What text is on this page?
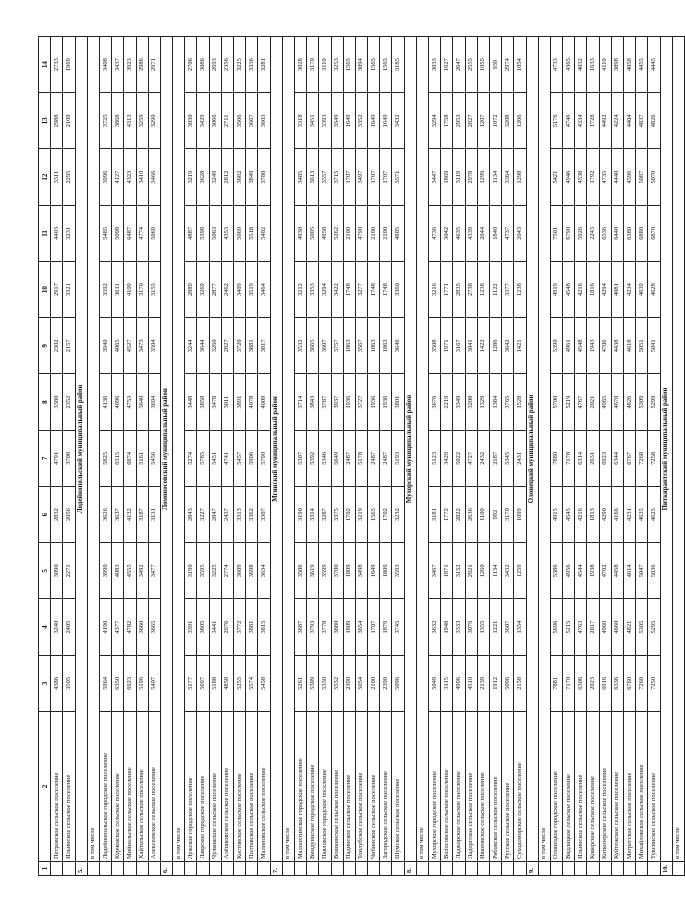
1	2	3	4	5	6	7	8	9	10	11	12	13	14
	Петровское сельское поселение	4386	3240	3090	2832	4791	3380	2302	2917	4403	3311	2988	2733
	Ильинское сельское поселение	3505	2405	2271	2056	3708	2352	2157	3321	3231	2295	2109	1969
5.	Лодейнопольский муниципальный район												
	в том числе												
	Лодейнопольское городское поселение	5964	4190	3990	3626	5825	4136	3940	3592	5485	3996	3725	3408
	Курчевское сельское поселение	6350	4377	4083	3637	6315	4096	4065	3611	5098	4127	3868	3437
	Мийнальское сельское поселение	6923	4782	4555	4132	6874	4753	4527	4109	6487	4323	4313	3923
	Хайтольское сельское поселение	5196	3660	3492	3187	5161	3640	3473	3170	4774	3410	3259	2986
	Алексеевское сельское поселение	5407	3665	3477	3131	5456	3694	3504	3155	5069	3466	3290	2971
6.	Ломоносовский муниципальный район												
	в том числе												
	Лужское городское поселение	5177	3391	3190	2843	5274	3448	3244	2889	4887	3219	3030	2706
	Лаврское городское поселение	5697	3805	3595	3227	5785	3858	3644	3269	5398	3628	3429	3086
	Чулковское сельское поселение	5188	3441	3225	2847	5451	3478	3260	2877	5063	3249	3066	2693
	Алёшковское сельское поселение	4858	2976	2774	2437	4741	3011	2827	2462	4353	2812	2711	2356
	Костовское сельское поселение	5255	3772	3609	3313	5457	3891	3720	3409	5069	3662	3506	3225
	Полтавское сельское поселение	5574	3881	3698	3362	5906	4078	3881	3519	5518	3849	3667	3336
	Малиновское сельское поселение	5458	3815	3634	3307	5790	4009	3817	3464	5402	3780	3603	3281
7.	Мгинский муниципальный район												
	в том числе												
	Малоохтинское городское поселение	5261	3687	3506	3190	5307	3714	3532	3212	4930	3485	3318	3028
	Виндуинское городское поселение	5309	3793	3619	3314	5392	3843	3665	3353	5005	3613	3451	3170
	Павловское городское поселение	5330	3778	3599	3287	5346	3787	3607	3294	4958	3557	3393	3110
	Вошкинское сельское поселение	5552	3880	3700	3375	5649	3937	3757	3422	5262	3715	3549	3253
	Падинское сельское поселение	2390	1809	1809	1702	2487	1936	1863	1748	2100	1707	1649	1565
	Тонлубское сельское поселение	5054	3654	3498	3219	5178	3727	3567	3277	4790	3497	3352	3094
	Чибинское сельское поселение	2100	1707	1649	1565	2487	1936	1863	1748	2100	1707	1649	1565
	Загородское сельское поселение	2390	1879	1809	1702	2487	1936	1863	1748	2100	1707	1649	1565
	Шумское сельское поселение	5096	3745	3593	3232	5193	3801	3646	3360	4805	3571	3432	3185
8.	Мухорский муниципальный район												
	в том числе												
	Мухорское городское поселение	5049	3632	3467	3181	5123	3676	3508	3216	4736	3447	3294	3033
	Волосовское сельское поселение	3115	1948	1871	1772	3429	2219	1971	1771	3042	1869	1758	1627
	Ладжорское сельское поселение	4996	3333	3152	2822	5022	3349	3167	2835	4635	3119	2953	2647
	Ладоргское сельское поселение	4510	3079	2921	2636	4727	3208	3041	2738	4339	2978	2827	2555
	Ивановское сельское поселение	2139	1355	1260	1100	2432	1329	1422	1238	2044	1299	1207	1055
	Рябовское сельское поселение	1912	1221	1134	992	2187	1384	1286	1122	1840	1134	1072	939
	Русское сельское поселение	5096	3607	3432	3170	5345	3765	3642	3377	4737	3364	3208	2974
	Суходоморское сельское поселение	2158	1354	1259	1099	2431	1528	1421	1238	2043	1298	1206	1054
9.	Олонецкий муниципальный район												
	в том числе												
	Олонецкое городское поселение	7881	5696	5386	4915	7880	5700	5390	4919	7501	5421	5176	4733
	Видлицкое сельское поселение	7170	5215	4956	4545	7178	5219	4961	4548	6790	4946	4746	4365
	Ильинское сельское поселение	6306	4763	4544	4216	6314	4767	4548	4216	5926	4538	4334	4032
	Коверское сельское поселение	2023	2017	1938	1813	2631	2021	1943	1816	2243	1792	1728	1633
	Коткозерское сельское поселение	6916	4960	4702	4290	6923	4965	4706	4294	6536	4735	4492	4110
	Куйтежское сельское поселение	6336	4660	4458	4166	6344	4670	4438	4081	6440	4440	4224	3898
	Мегрегское сельское поселение	6760	4821	4614	4231	6767	4826	4618	4234	6380	4596	4404	4058
	Михайловское сельское поселение	7260	5305	5047	4635	7268	5309	5051	4639	6880	5087	4837	4455
	Туксинское сельское поселение	7250	5295	5036	4625	7258	5299	5041	4628	6870	5070	4826	4445
10.	Питкярантский муниципальный район												
	в том числе												
